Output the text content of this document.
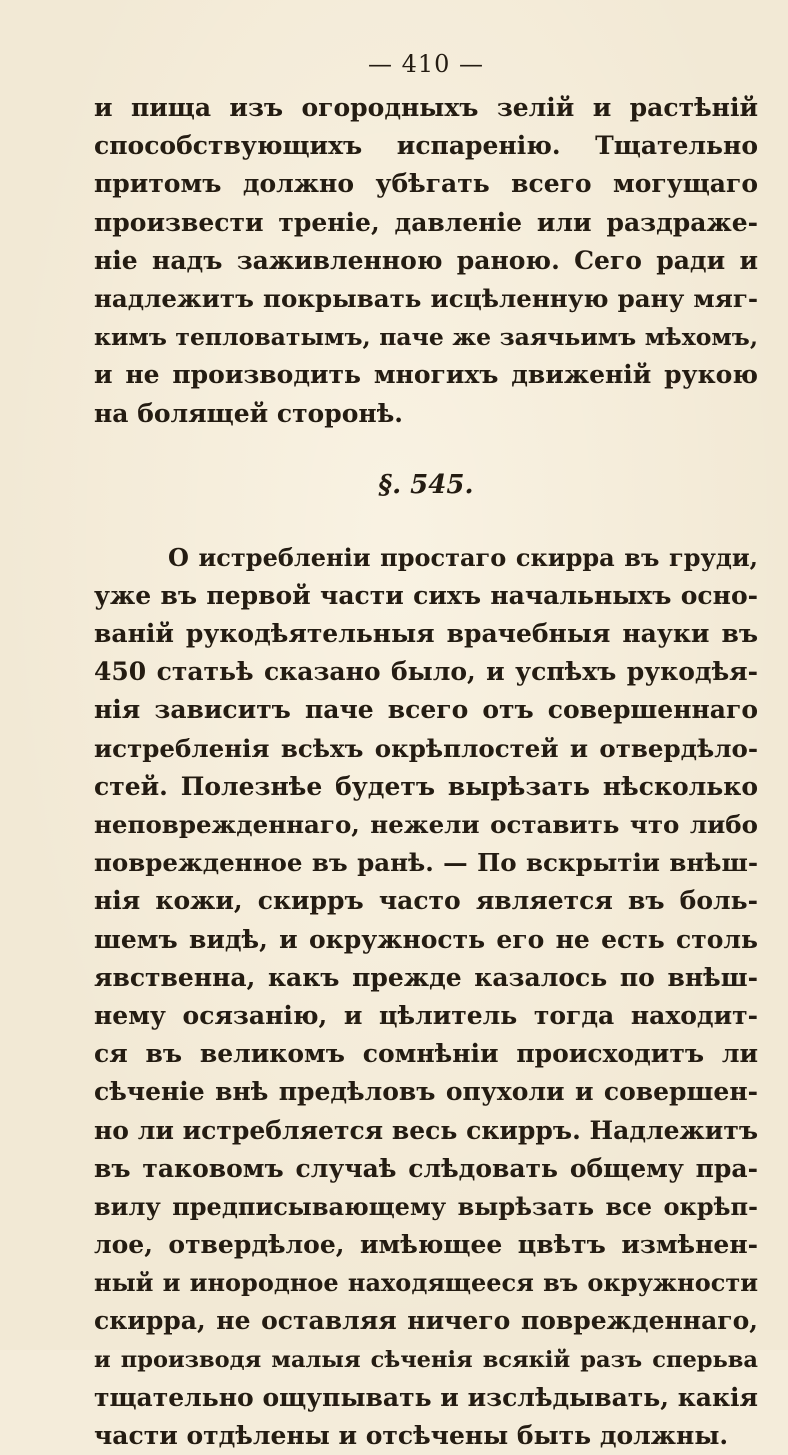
— 410 —
и пища изъ огородныхъ зелій и растѣній
способствующихъ испаренію. Тщательно
притомъ должно убѣгать всего могущаго
произвести треніе, давленіе или раздраже-
ніе надъ заживленною раною. Сего ради и
надлежитъ покрывать исцѣленную рану мяг-
кимъ тепловатымъ, паче же заячьимъ мѣхомъ,
и не производить многихъ движеній рукою
на болящей сторонѣ.
§. 545.
О истребленіи простаго скирра въ груди,
уже въ первой части сихъ начальныхъ осно-
ваній рукодѣятельныя врачебныя науки въ
450 статьѣ сказано было, и успѣхъ рукодѣя-
нія зависитъ паче всего отъ совершеннаго
истребленія всѣхъ окрѣплостей и отвердѣло-
стей. Полезнѣе будетъ вырѣзать нѣсколько
неповрежденнаго, нежели оставить что либо
поврежденное въ ранѣ. — По вскрытіи внѣш-
нія кожи, скирръ часто является въ боль-
шемъ видѣ, и окружность его не есть столь
явственна, какъ прежде казалось по внѣш-
нему осязанію, и цѣлитель тогда находит-
ся въ великомъ сомнѣніи происходитъ ли
сѣченіе внѣ предѣловъ опухоли и совершен-
но ли истребляется весь скирръ. Надлежитъ
въ таковомъ случаѣ слѣдовать общему пра-
вилу предписывающему вырѣзать все окрѣп-
лое, отвердѣлое, имѣющее цвѣтъ измѣнен-
ный и инородное находящееся въ окружности
скирра, не оставляя ничего поврежденнаго,
и производя малыя сѣченія всякій разъ сперьва
тщательно ощупывать и изслѣдывать, какія
части отдѣлены и отсѣчены быть должны.
